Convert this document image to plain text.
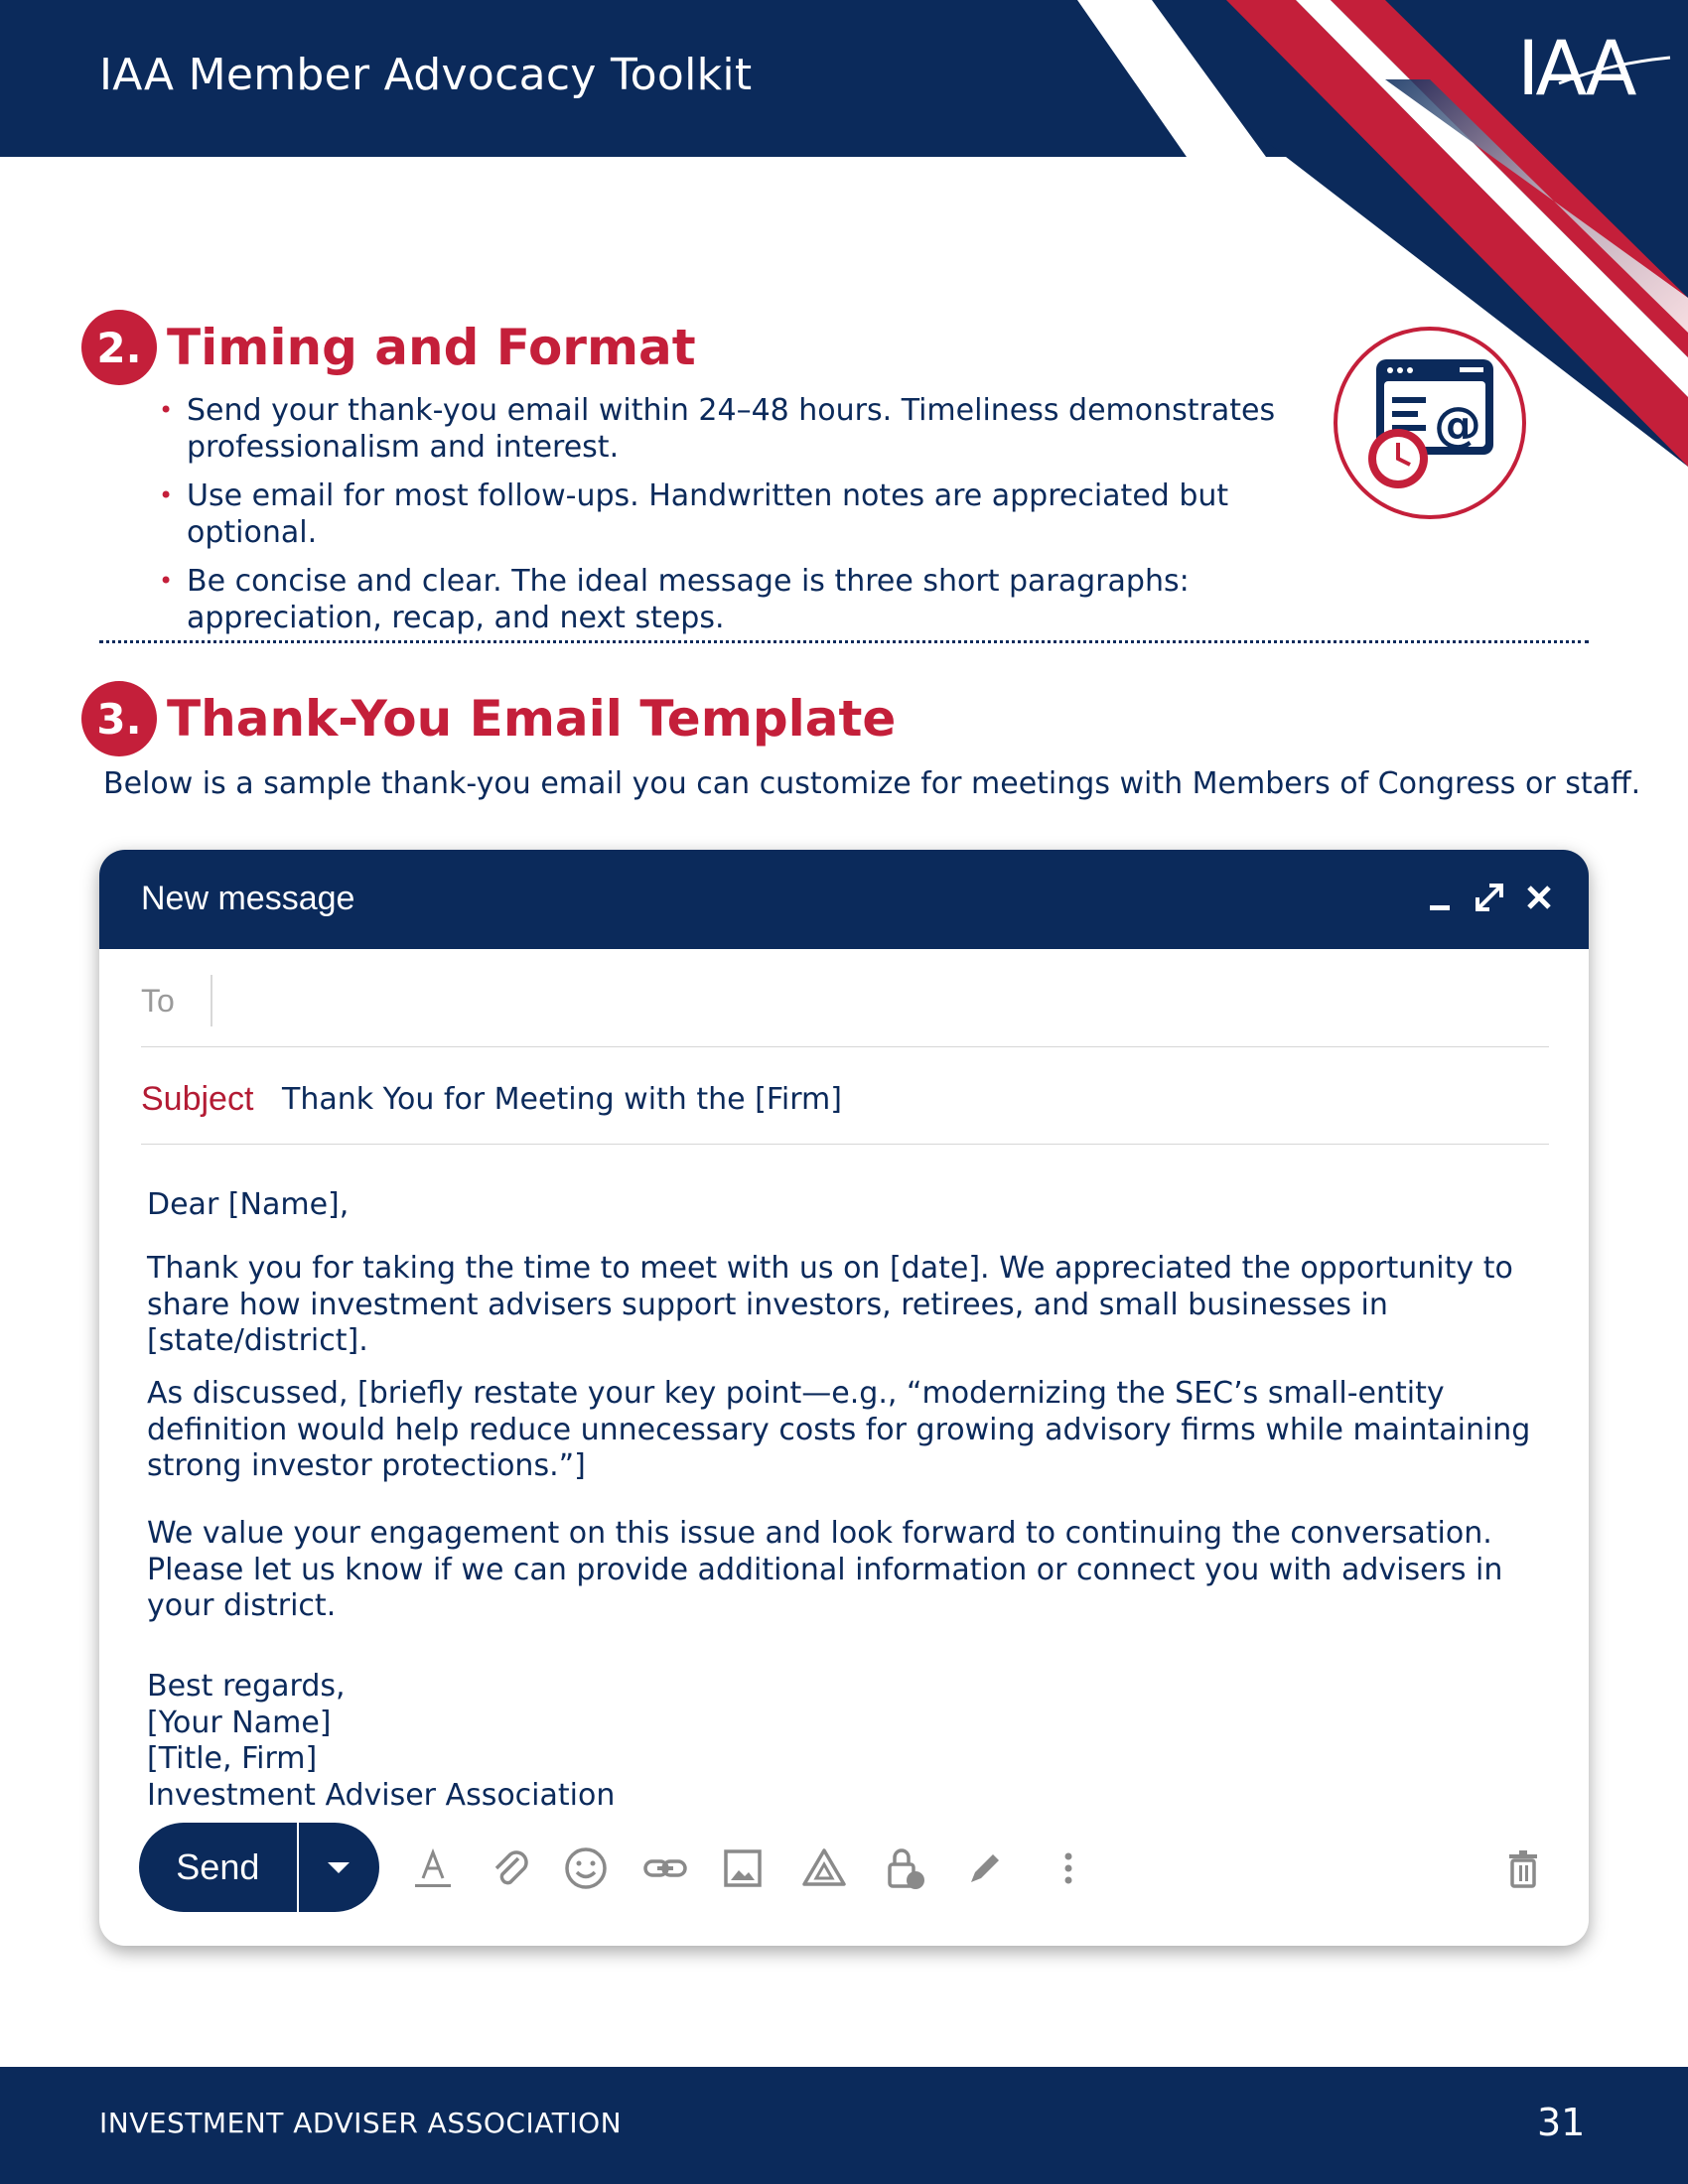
IAA Member Advocacy Toolkit	IAA
2. Timing and Format
• Send your thank-you email within 24–48 hours. Timeliness demonstrates professionalism and interest.
• Use email for most follow-ups. Handwritten notes are appreciated but optional.
• Be concise and clear. The ideal message is three short paragraphs: appreciation, recap, and next steps.
@
3. Thank-You Email Template
Below is a sample thank-you email you can customize for meetings with Members of Congress or staff.
New message
To
Subject Thank You for Meeting with the [Firm]

Dear [Name],

Thank you for taking the time to meet with us on [date]. We appreciated the opportunity to share how investment advisers support investors, retirees, and small businesses in [state/district].

As discussed, [briefly restate your key point—e.g., “modernizing the SEC’s small-entity definition would help reduce unnecessary costs for growing advisory firms while maintaining strong investor protections.”]

We value your engagement on this issue and look forward to continuing the conversation. Please let us know if we can provide additional information or connect you with advisers in your district.

Best regards,

[Your Name]

[Title, Firm]

Investment Adviser Association

Send
INVESTMENT ADVISER ASSOCIATION	31
